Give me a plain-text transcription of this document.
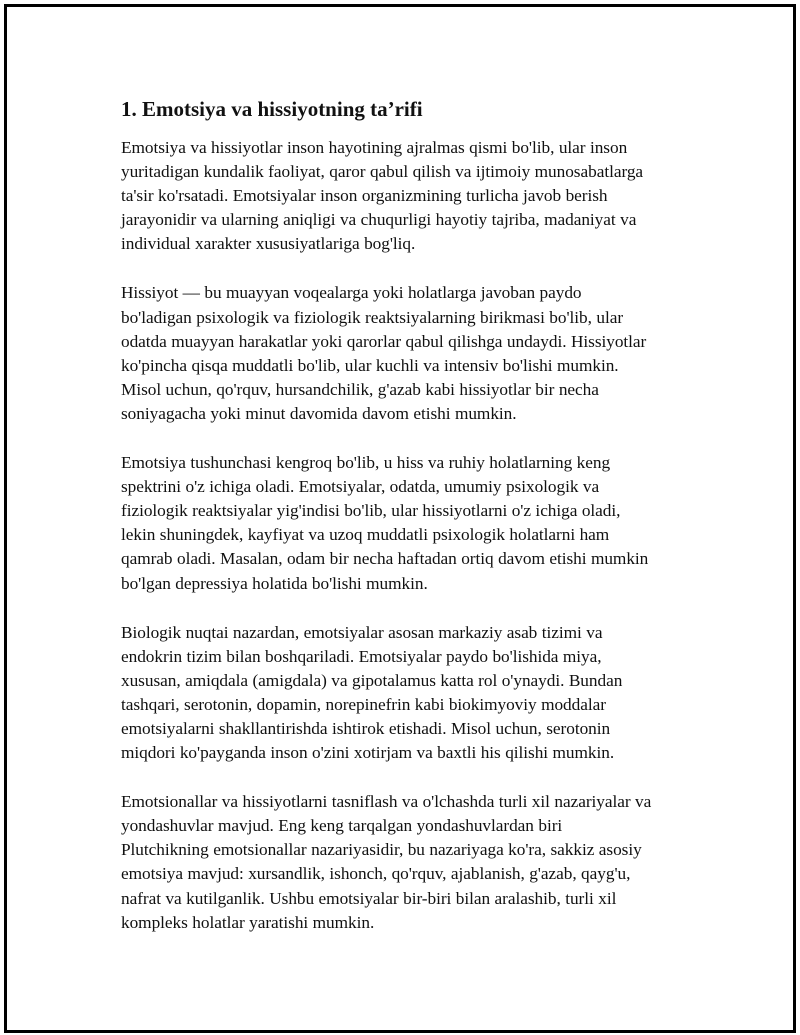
1. Emotsiya va hissiyotning ta’rifi

Emotsiya va hissiyotlar inson hayotining ajralmas qismi bo'lib, ular inson
yuritadigan kundalik faoliyat, qaror qabul qilish va ijtimoiy munosabatlarga
ta'sir ko'rsatadi. Emotsiyalar inson organizmining turlicha javob berish
jarayonidir va ularning aniqligi va chuqurligi hayotiy tajriba, madaniyat va
individual xarakter xususiyatlariga bog'liq.

Hissiyot — bu muayyan voqealarga yoki holatlarga javoban paydo
bo'ladigan psixologik va fiziologik reaktsiyalarning birikmasi bo'lib, ular
odatda muayyan harakatlar yoki qarorlar qabul qilishga undaydi. Hissiyotlar
ko'pincha qisqa muddatli bo'lib, ular kuchli va intensiv bo'lishi mumkin.
Misol uchun, qo'rquv, hursandchilik, g'azab kabi hissiyotlar bir necha
soniyagacha yoki minut davomida davom etishi mumkin.

Emotsiya tushunchasi kengroq bo'lib, u hiss va ruhiy holatlarning keng
spektrini o'z ichiga oladi. Emotsiyalar, odatda, umumiy psixologik va
fiziologik reaktsiyalar yig'indisi bo'lib, ular hissiyotlarni o'z ichiga oladi,
lekin shuningdek, kayfiyat va uzoq muddatli psixologik holatlarni ham
qamrab oladi. Masalan, odam bir necha haftadan ortiq davom etishi mumkin
bo'lgan depressiya holatida bo'lishi mumkin.

Biologik nuqtai nazardan, emotsiyalar asosan markaziy asab tizimi va
endokrin tizim bilan boshqariladi. Emotsiyalar paydo bo'lishida miya,
xususan, amiqdala (amigdala) va gipotalamus katta rol o'ynaydi. Bundan
tashqari, serotonin, dopamin, norepinefrin kabi biokimyoviy moddalar
emotsiyalarni shakllantirishda ishtirok etishadi. Misol uchun, serotonin
miqdori ko'payganda inson o'zini xotirjam va baxtli his qilishi mumkin.

Emotsionallar va hissiyotlarni tasniflash va o'lchashda turli xil nazariyalar va
yondashuvlar mavjud. Eng keng tarqalgan yondashuvlardan biri
Plutchikning emotsionallar nazariyasidir, bu nazariyaga ko'ra, sakkiz asosiy
emotsiya mavjud: xursandlik, ishonch, qo'rquv, ajablanish, g'azab, qayg'u,
nafrat va kutilganlik. Ushbu emotsiyalar bir-biri bilan aralashib, turli xil
kompleks holatlar yaratishi mumkin.
